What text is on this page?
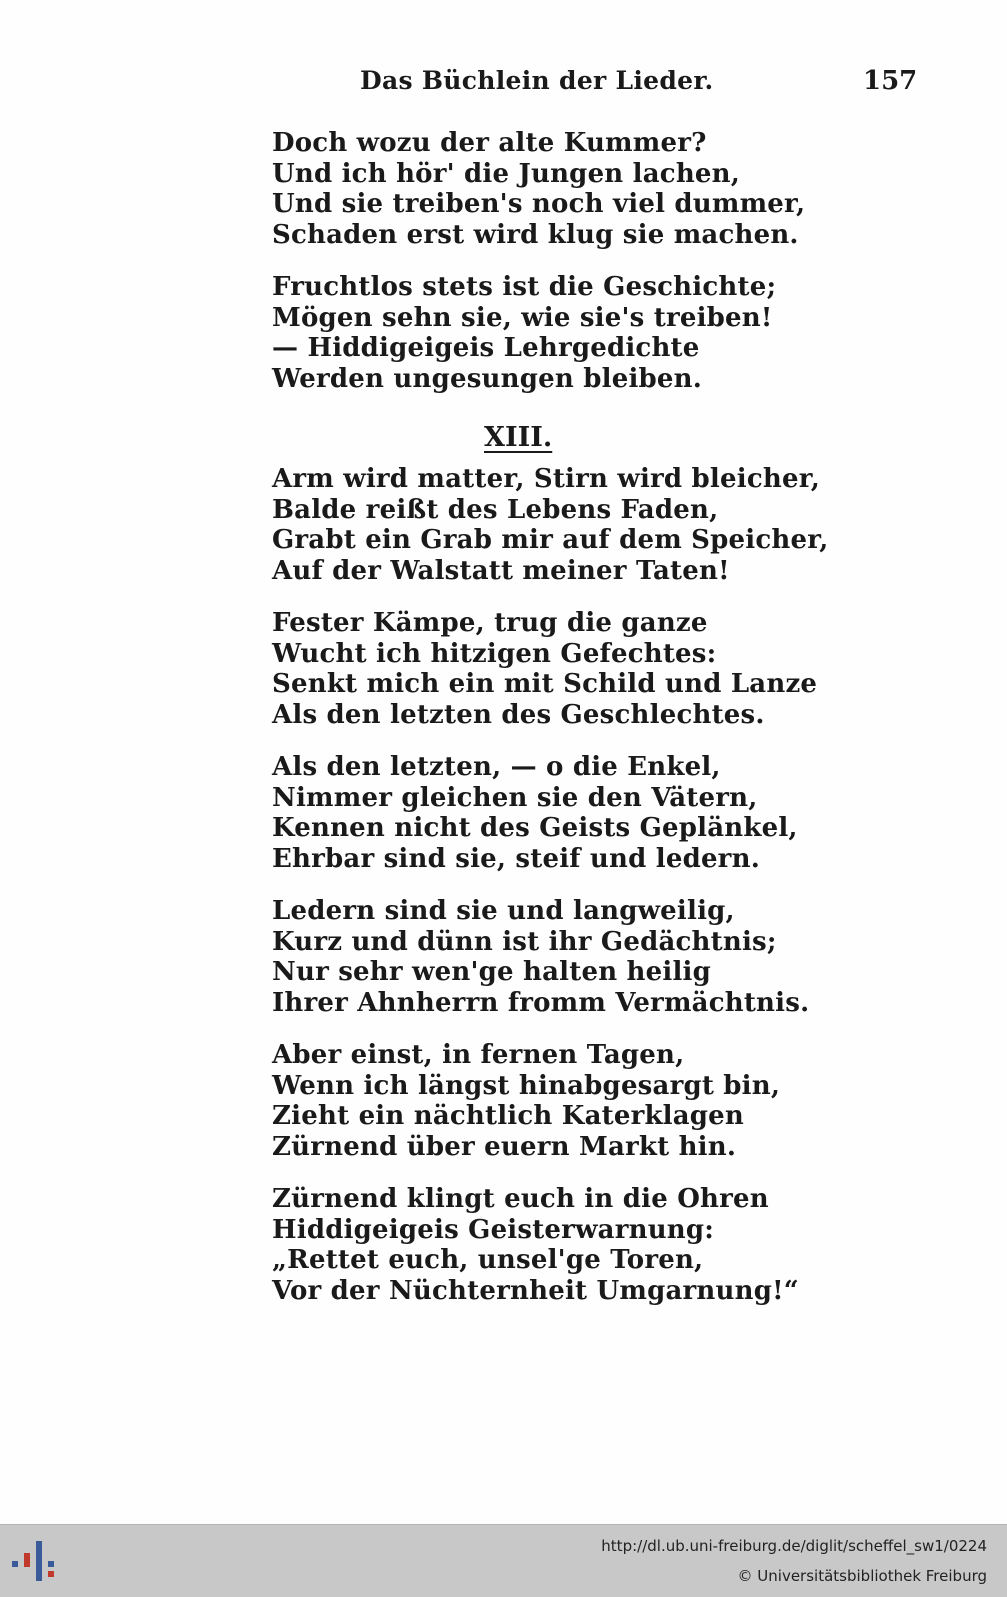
Das Büchlein der Lieder.	157
Doch wozu der alte Kummer?
Und ich hör' die Jungen lachen,
Und sie treiben's noch viel dummer,
Schaden erst wird klug sie machen.
Fruchtlos stets ist die Geschichte;
Mögen sehn sie, wie sie's treiben!
— Hiddigeigeis Lehrgedichte
Werden ungesungen bleiben.
XIII.
Arm wird matter, Stirn wird bleicher,
Balde reißt des Lebens Faden,
Grabt ein Grab mir auf dem Speicher,
Auf der Walstatt meiner Taten!
Fester Kämpe, trug die ganze
Wucht ich hitzigen Gefechtes:
Senkt mich ein mit Schild und Lanze
Als den letzten des Geschlechtes.
Als den letzten, — o die Enkel,
Nimmer gleichen sie den Vätern,
Kennen nicht des Geists Geplänkel,
Ehrbar sind sie, steif und ledern.
Ledern sind sie und langweilig,
Kurz und dünn ist ihr Gedächtnis;
Nur sehr wen'ge halten heilig
Ihrer Ahnherrn fromm Vermächtnis.
Aber einst, in fernen Tagen,
Wenn ich längst hinabgesargt bin,
Zieht ein nächtlich Katerklagen
Zürnend über euern Markt hin.
Zürnend klingt euch in die Ohren
Hiddigeigeis Geisterwarnung:
„Rettet euch, unsel'ge Toren,
Vor der Nüchternheit Umgarnung!“
http://dl.ub.uni-freiburg.de/diglit/scheffel_sw1/0224
© Universitätsbibliothek Freiburg
